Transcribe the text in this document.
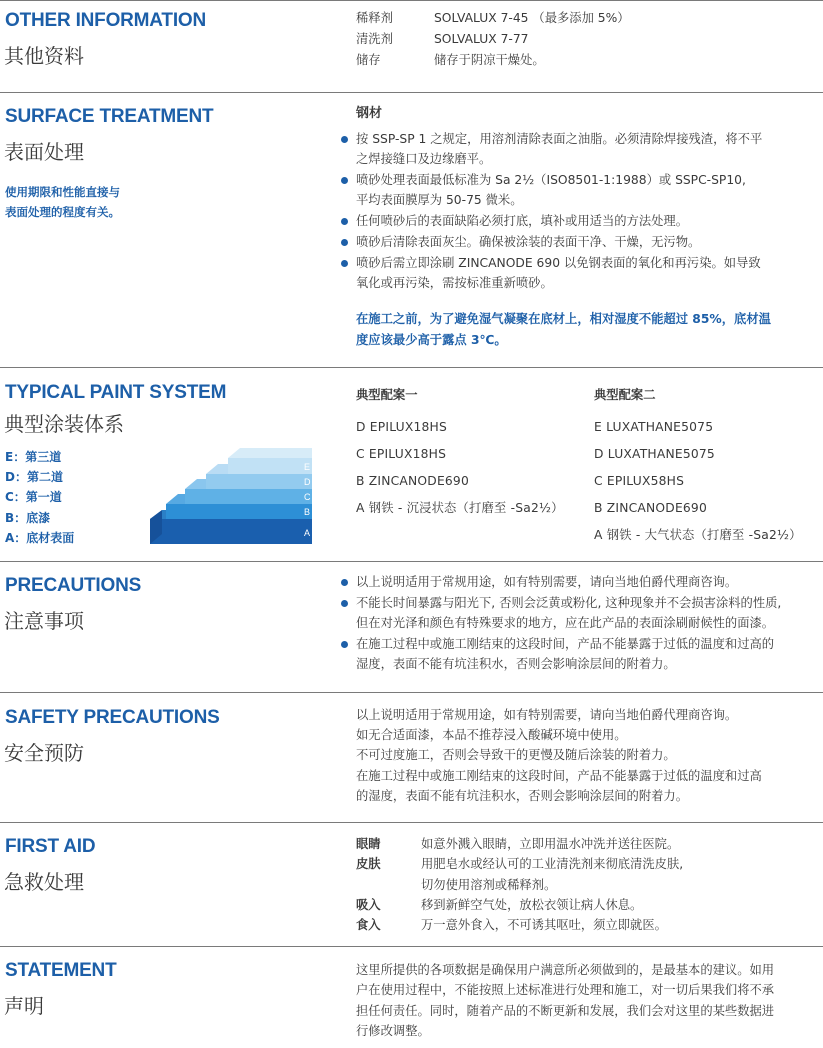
OTHER INFORMATION
其他资料
稀释剂	SOLVALUX 7-45 （最多添加 5%）
清洗剂	SOLVALUX 7-77
储存	储存于阴凉干燥处。
SURFACE TREATMENT
表面处理
使用期限和性能直接与
表面处理的程度有关。
钢材
按 SSP-SP 1 之规定，用溶剂清除表面之油脂。必须清除焊接残渣，将不平
之焊接缝口及边缘磨平。
喷砂处理表面最低标准为 Sa 2½（ISO8501-1:1988）或 SSPC-SP10,
平均表面膜厚为 50-75 微米。
任何喷砂后的表面缺陷必须打底，填补或用适当的方法处理。
喷砂后清除表面灰尘。确保被涂装的表面干净、干燥，无污物。
喷砂后需立即涂刷 ZINCANODE 690 以免钢表面的氧化和再污染。如导致
氧化或再污染，需按标准重新喷砂。
在施工之前，为了避免湿气凝聚在底材上，相对湿度不能超过 85%，底材温
度应该最少高于露点 3℃。
TYPICAL PAINT SYSTEM
典型涂装体系
E：第三道
D：第二道
C：第一道
B：底漆
A：底材表面
E
D
C
B
A
典型配案一
D EPILUX18HS
C EPILUX18HS
B ZINCANODE690
A 钢铁 - 沉浸状态（打磨至 -Sa2½）
典型配案二
E LUXATHANE5075
D LUXATHANE5075
C EPILUX58HS
B ZINCANODE690
A 钢铁 - 大气状态（打磨至 -Sa2½）
PRECAUTIONS
注意事项
以上说明适用于常规用途，如有特别需要，请向当地伯爵代理商咨询。
不能长时间暴露与阳光下, 否则会泛黄或粉化, 这种现象并不会损害涂料的性质,
但在对光泽和颜色有特殊要求的地方，应在此产品的表面涂刷耐候性的面漆。
在施工过程中或施工刚结束的这段时间，产品不能暴露于过低的温度和过高的
湿度，表面不能有坑洼积水，否则会影响涂层间的附着力。
SAFETY PRECAUTIONS
安全预防
以上说明适用于常规用途，如有特别需要，请向当地伯爵代理商咨询。
如无合适面漆，本品不推荐浸入酸碱环境中使用。
不可过度施工，否则会导致干的更慢及随后涂装的附着力。
在施工过程中或施工刚结束的这段时间，产品不能暴露于过低的温度和过高
的湿度，表面不能有坑洼积水，否则会影响涂层间的附着力。
FIRST AID
急救处理
眼睛	如意外溅入眼睛，立即用温水冲洗并送往医院。
皮肤	用肥皂水或经认可的工业清洗剂来彻底清洗皮肤,
切勿使用溶剂或稀释剂。
吸入	移到新鲜空气处，放松衣领让病人休息。
食入	万一意外食入，不可诱其呕吐，须立即就医。
STATEMENT
声明
这里所提供的各项数据是确保用户满意所必须做到的，是最基本的建议。如用
户在使用过程中，不能按照上述标准进行处理和施工，对一切后果我们将不承
担任何责任。同时，随着产品的不断更新和发展，我们会对这里的某些数据进
行修改调整。
